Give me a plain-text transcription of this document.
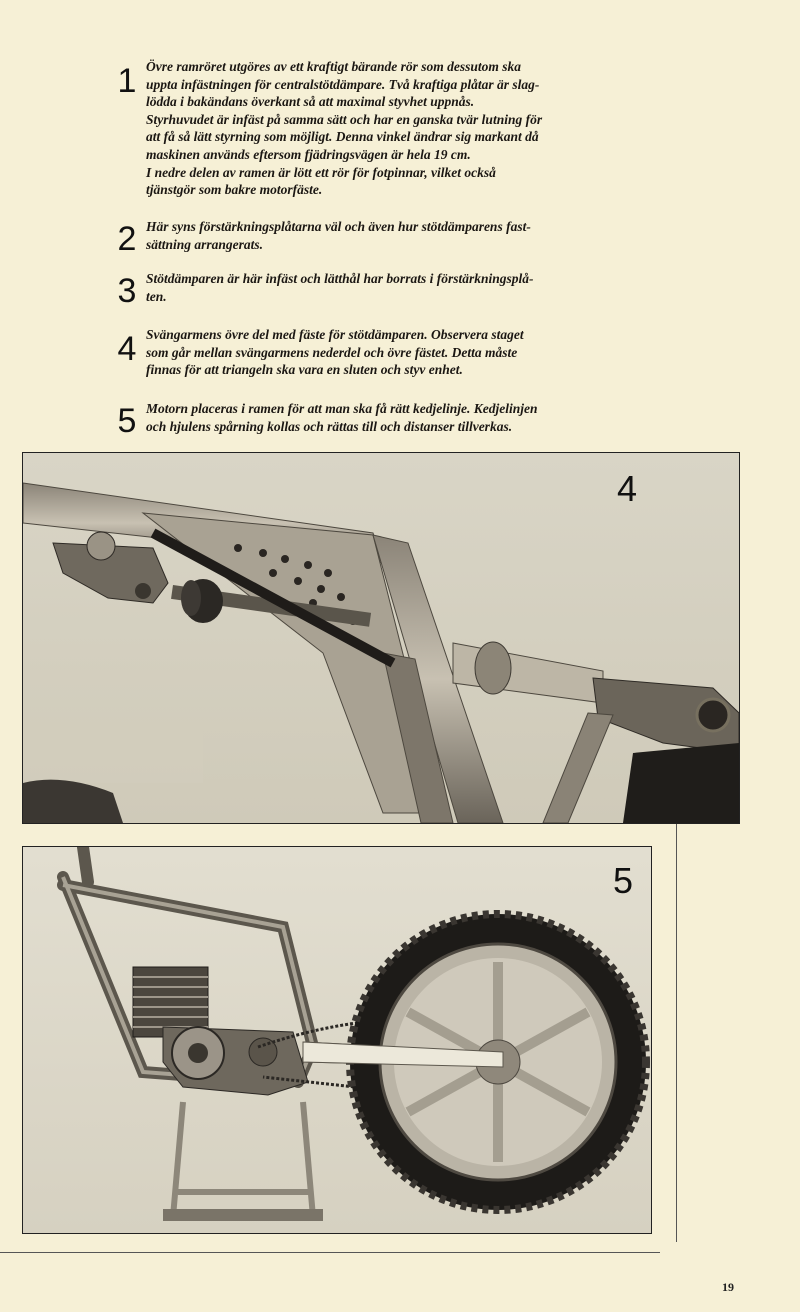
1 Övre ramröret utgöres av ett kraftigt bärande rör som dessutom ska

uppta infästningen för centralstötdämpare. Två kraftiga plåtar är slag-

lödda i bakändans överkant så att maximal styvhet uppnås.

Styrhuvudet är infäst på samma sätt och har en ganska tvär lutning för

att få så lätt styrning som möjligt. Denna vinkel ändrar sig markant då

maskinen används eftersom fjädringsvägen är hela 19 cm.

I nedre delen av ramen är lött ett rör för fotpinnar, vilket också

tjänstgör som bakre motorfäste.

2 Här syns förstärkningsplåtarna väl och även hur stötdämparens fast-

sättning arrangerats.

3 Stötdämparen är här infäst och lätthål har borrats i förstärkningsplå-

ten.

4 Svängarmens övre del med fäste för stötdämparen. Observera staget

som går mellan svängarmens nederdel och övre fästet. Detta måste

finnas för att triangeln ska vara en sluten och styv enhet.

5 Motorn placeras i ramen för att man ska få rätt kedjelinje. Kedjelinjen

och hjulens spårning kollas och rättas till och distanser tillverkas.

4
5
19
